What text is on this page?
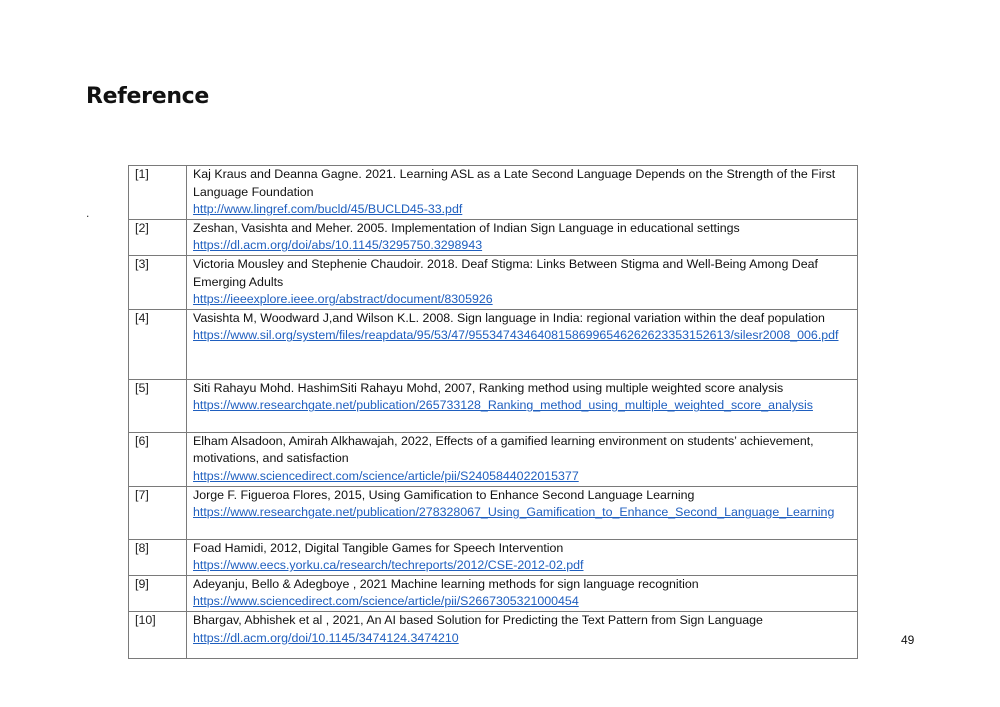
Reference
.
[1]	Kaj Kraus and Deanna Gagne. 2021. Learning ASL as a Late Second Language Depends on the Strength of the First Language Foundation
http://www.lingref.com/bucld/45/BUCLD45-33.pdf

[2]	Zeshan, Vasishta and Meher. 2005. Implementation of Indian Sign Language in educational settings
https://dl.acm.org/doi/abs/10.1145/3295750.3298943

[3]	Victoria Mousley and Stephenie Chaudoir. 2018. Deaf Stigma: Links Between Stigma and Well-Being Among Deaf Emerging Adults
https://ieeexplore.ieee.org/abstract/document/8305926

[4]	Vasishta M, Woodward J,and Wilson K.L. 2008. Sign language in India: regional variation within the deaf population
https://www.sil.org/system/files/reapdata/95/53/47/95534743464081586996546262623353152613/silesr2008_006.pdf

[5]	Siti Rahayu Mohd. HashimSiti Rahayu Mohd, 2007, Ranking method using multiple weighted score analysis
https://www.researchgate.net/publication/265733128_Ranking_method_using_multiple_weighted_score_analysis

[6]	Elham Alsadoon, Amirah Alkhawajah, 2022, Effects of a gamified learning environment on students’ achievement, motivations, and satisfaction
https://www.sciencedirect.com/science/article/pii/S2405844022015377

[7]	Jorge F. Figueroa Flores, 2015, Using Gamification to Enhance Second Language Learning
https://www.researchgate.net/publication/278328067_Using_Gamification_to_Enhance_Second_Language_Learning

[8]	Foad Hamidi, 2012, Digital Tangible Games for Speech Intervention
https://www.eecs.yorku.ca/research/techreports/2012/CSE-2012-02.pdf

[9]	Adeyanju, Bello & Adegboye , 2021 Machine learning methods for sign language recognition
https://www.sciencedirect.com/science/article/pii/S2667305321000454

[10]	Bhargav, Abhishek et al , 2021, An AI based Solution for Predicting the Text Pattern from Sign Language
https://dl.acm.org/doi/10.1145/3474124.3474210	49
